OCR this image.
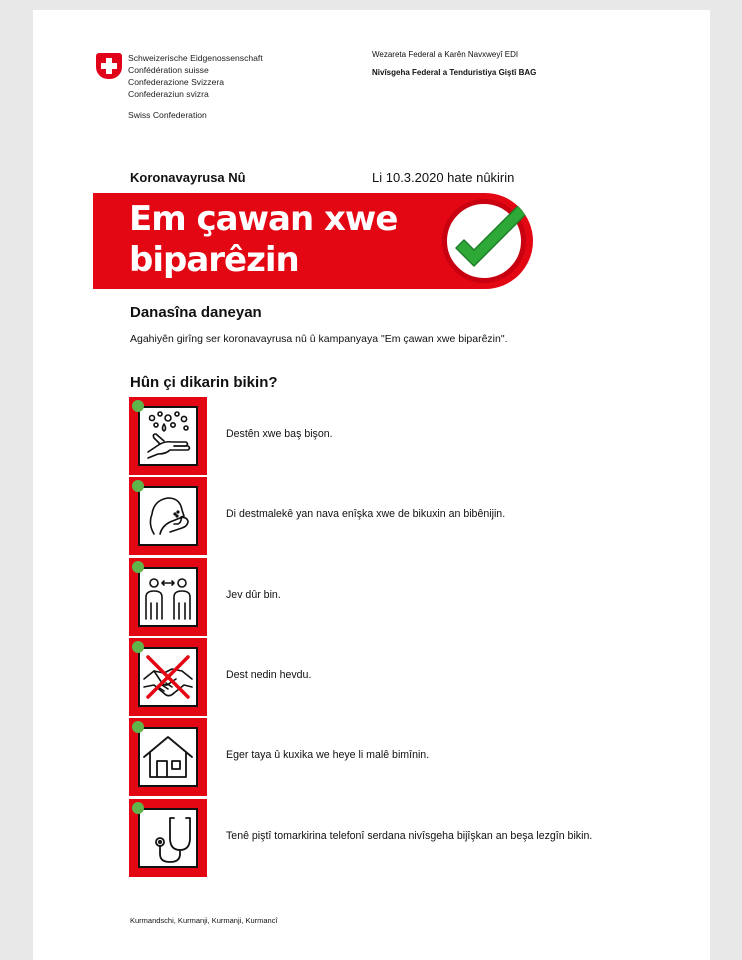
Schweizerische Eidgenossenschaft
Confédération suisse
Confederazione Svizzera
Confederaziun svizra
Swiss Confederation
Wezareta Federal a Karên Navxweyî EDI
Nivîsgeha Federal a Tenduristiya Giştî BAG
Koronavayrusa Nû	Li 10.3.2020 hate nûkirin
Em çawan xwe
biparêzin
Danasîna daneyan
Agahiyên girîng ser koronavayrusa nû û kampanyaya "Em çawan xwe biparêzin".
Hûn çi dikarin bikin?
Destên xwe baş bişon.
Di destmalekê yan nava enîşka xwe de bikuxin an bibênijin.
Jev dûr bin.
Dest nedin hevdu.
Eger taya û kuxika we heye li malê bimînin.
Tenê piştî tomarkirina telefonî serdana nivîsgeha bijîşkan an beşa lezgîn bikin.
Kurmandschi, Kurmanji, Kurmanji, Kurmancî
